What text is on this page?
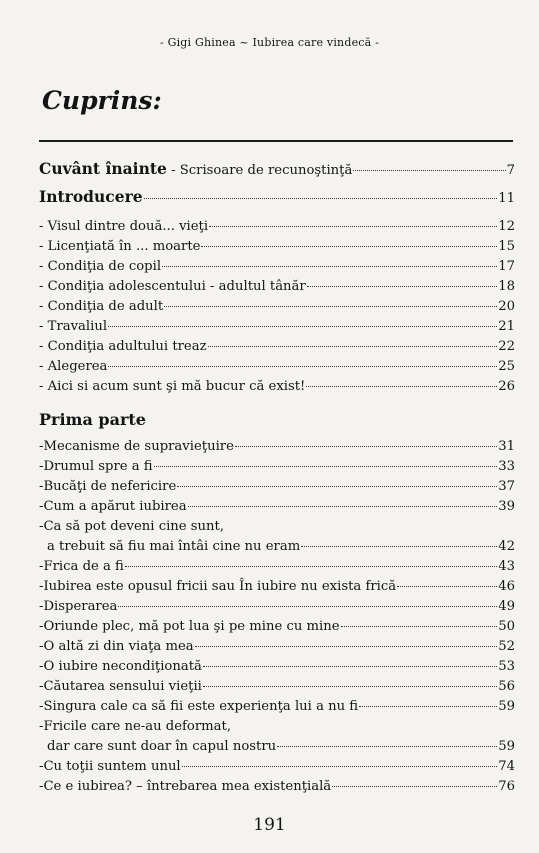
- Gigi Ghinea ~ Iubirea care vindecă -
Cuprins:
Cuvânt înainte - Scrisoare de recunoştinţă	7
Introducere	11
- Visul dintre două... vieţi	12
- Licenţiată în ... moarte	15
- Condiţia de copil	17
- Condiţia adolescentului - adultul tânăr	18
- Condiţia de adult	20
- Travaliul	21
- Condiţia adultului treaz	22
- Alegerea	25
- Aici si acum sunt şi mă bucur că exist!	26
Prima parte
-Mecanisme de supravieţuire	31
-Drumul spre a fi	33
-Bucăţi de nefericire	37
-Cum a apărut iubirea	39
-Ca să pot deveni cine sunt,
a trebuit să fiu mai întâi cine nu eram	42
-Frica de a fi	43
-Iubirea este opusul fricii sau În iubire nu exista frică	46
-Disperarea	49
-Oriunde plec, mă pot lua şi pe mine cu mine	50
-O altă zi din viaţa mea	52
-O iubire necondiţionată	53
-Căutarea sensului vieţii	56
-Singura cale ca să fii este experienţa lui a nu fi	59
-Fricile care ne-au deformat,
dar care sunt doar în capul nostru	59
-Cu toţii suntem unul	74
-Ce e iubirea? – întrebarea mea existenţială	76
191
